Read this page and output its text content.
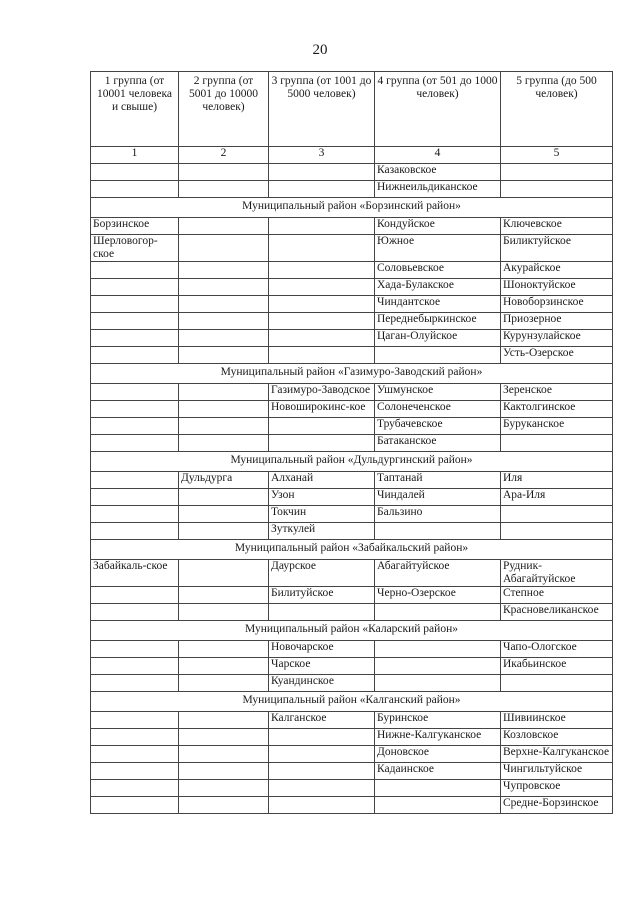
20
1 группа (от 10001 человека и свыше)	2 группа (от 5001 до 10000 человек)	3 группа (от 1001 до 5000 человек)	4 группа (от 501 до 1000 человек)	5 группа (до 500 человек)
1	2	3	4	5
			Казаковское	
			Нижнеильдиканское	
Муниципальный район «Борзинский район»				
Борзинское			Кондуйское	Ключевское
Шерловогор-ское			Южное	Биликтуйское
			Соловьевское	Акурайское
			Хада-Булакское	Шоноктуйское
			Чиндантское	Новоборзинское
			Переднебыркинское	Приозерное
			Цаган-Олуйское	Курунзулайское
				Усть-Озерское
Муниципальный район «Газимуро-Заводский район»				
		Газимуро-Заводское	Ушмунское	Зеренское
		Новоширокинс-кое	Солонеченское	Кактолгинское
			Трубачевское	Буруканское
			Батаканское	
Муниципальный район «Дульдургинский район»				
	Дульдурга	Алханай	Таптанай	Иля
		Узон	Чиндалей	Ара-Иля
		Токчин	Бальзино	
		Зуткулей		
Муниципальный район «Забайкальский район»				
Забайкаль-ское		Даурское	Абагайтуйское	Рудник-Абагайтуйское
		Билитуйское	Черно-Озерское	Степное
				Красновеликанское
Муниципальный район «Каларский район»				
		Новочарское		Чапо-Ологское
		Чарское		Икабьинское
		Куандинское		
Муниципальный район «Калганский район»				
		Калганское	Буринское	Шивиинское
			Нижне-Калгуканское	Козловское
			Доновское	Верхне-Калгуканское
			Кадаинское	Чингильтуйское
				Чупровское
				Средне-Борзинское
